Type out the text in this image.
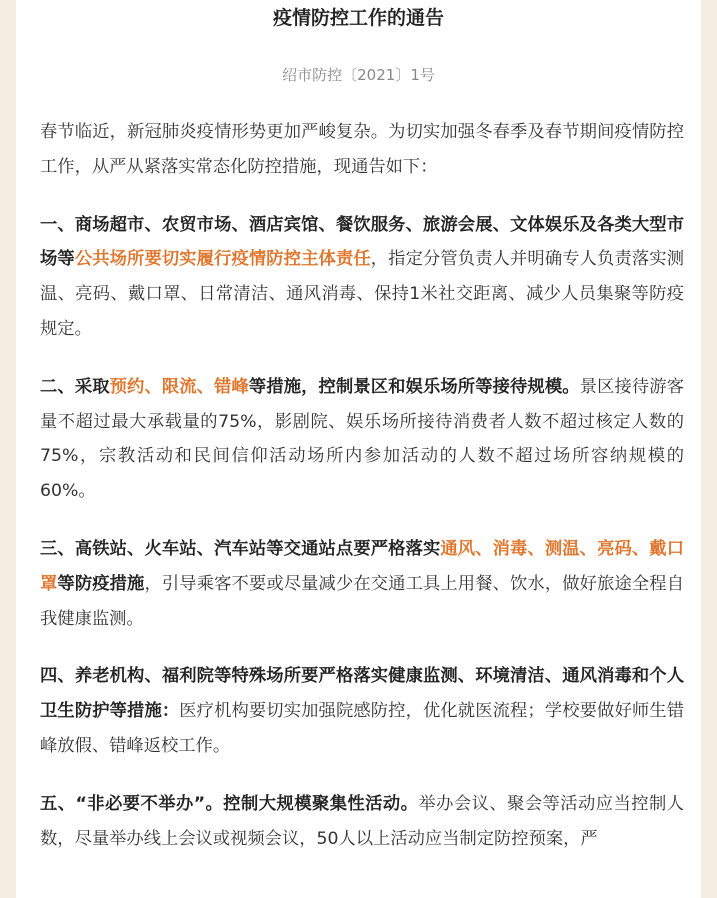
疫情防控工作的通告
绍市防控〔2021〕1号

春节临近，新冠肺炎疫情形势更加严峻复杂。为切实加强冬春季及春节期间疫情防控工作，从严从紧落实常态化防控措施，现通告如下：

一、商场超市、农贸市场、酒店宾馆、餐饮服务、旅游会展、文体娱乐及各类大型市场等公共场所要切实履行疫情防控主体责任，指定分管负责人并明确专人负责落实测温、亮码、戴口罩、日常清洁、通风消毒、保持1米社交距离、减少人员集聚等防疫规定。

二、采取预约、限流、错峰等措施，控制景区和娱乐场所等接待规模。景区接待游客量不超过最大承载量的75%，影剧院、娱乐场所接待消费者人数不超过核定人数的75%，宗教活动和民间信仰活动场所内参加活动的人数不超过场所容纳规模的60%。

三、高铁站、火车站、汽车站等交通站点要严格落实通风、消毒、测温、亮码、戴口罩等防疫措施，引导乘客不要或尽量减少在交通工具上用餐、饮水，做好旅途全程自我健康监测。

四、养老机构、福利院等特殊场所要严格落实健康监测、环境清洁、通风消毒和个人卫生防护等措施：医疗机构要切实加强院感防控，优化就医流程；学校要做好师生错峰放假、错峰返校工作。

五、“非必要不举办”。控制大规模聚集性活动。举办会议、聚会等活动应当控制人数，尽量举办线上会议或视频会议，50人以上活动应当制定防控预案，严
